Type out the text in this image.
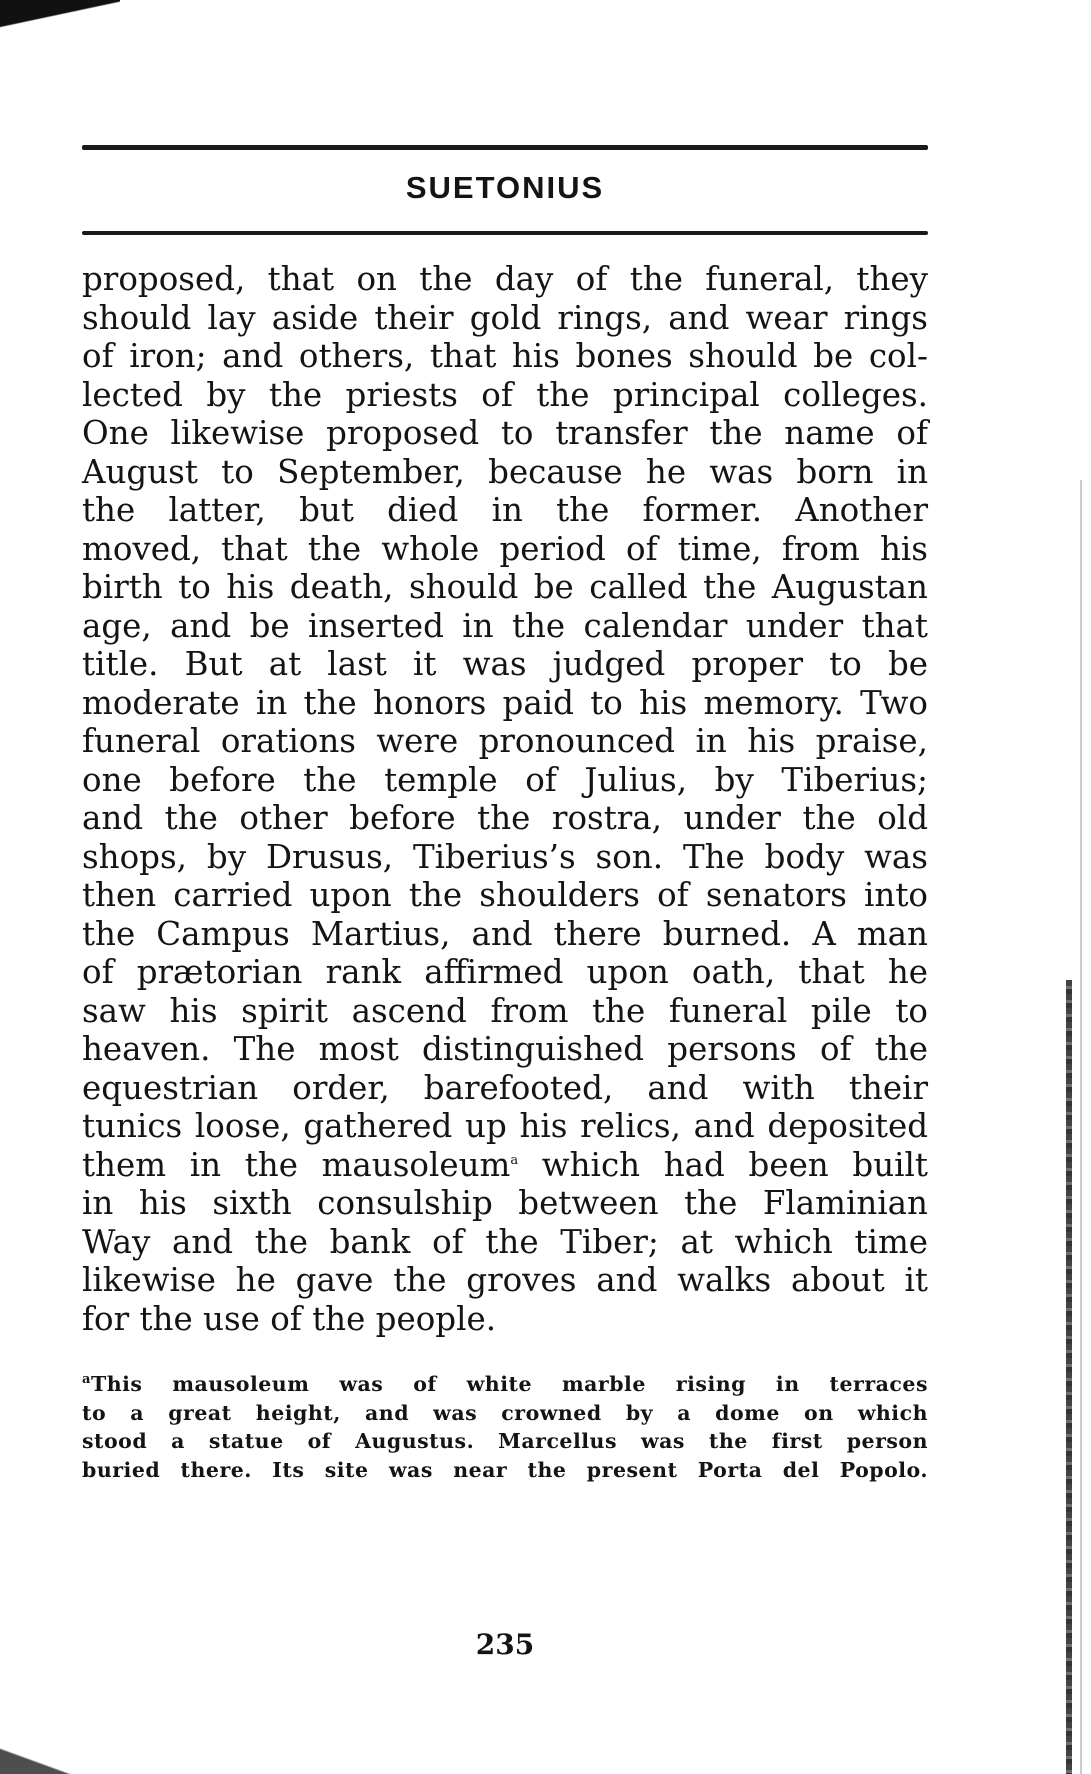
SUETONIUS
proposed, that on the day of the funeral, they
should lay aside their gold rings, and wear rings
of iron; and others, that his bones should be col-
lected by the priests of the principal colleges.
One likewise proposed to transfer the name of
August to September, because he was born in
the latter, but died in the former. Another
moved, that the whole period of time, from his
birth to his death, should be called the Augustan
age, and be inserted in the calendar under that
title. But at last it was judged proper to be
moderate in the honors paid to his memory. Two
funeral orations were pronounced in his praise,
one before the temple of Julius, by Tiberius;
and the other before the rostra, under the old
shops, by Drusus, Tiberius’s son. The body was
then carried upon the shoulders of senators into
the Campus Martius, and there burned. A man
of prætorian rank affirmed upon oath, that he
saw his spirit ascend from the funeral pile to
heaven. The most distinguished persons of the
equestrian order, barefooted, and with their
tunics loose, gathered up his relics, and deposited
them in the mausoleum$^a$ which had been built
in his sixth consulship between the Flaminian
Way and the bank of the Tiber; at which time
likewise he gave the groves and walks about it
for the use of the people.
$^a$This mausoleum was of white marble rising in terraces
to a great height, and was crowned by a dome on which
stood a statue of Augustus. Marcellus was the first person
buried there. Its site was near the present Porta del Popolo.
235
